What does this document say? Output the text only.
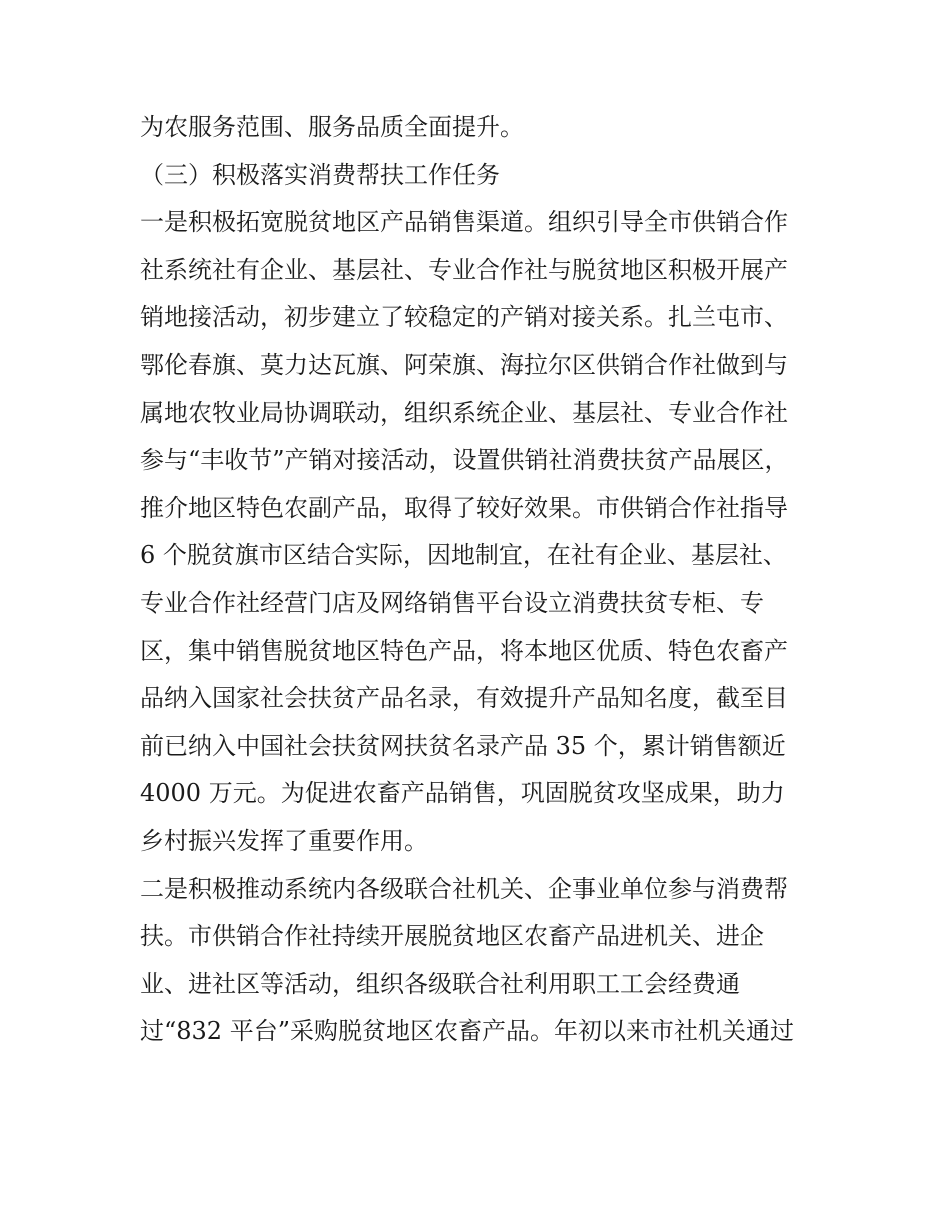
为农服务范围、服务品质全面提升。
（三）积极落实消费帮扶工作任务
一是积极拓宽脱贫地区产品销售渠道。组织引导全市供销合作
社系统社有企业、基层社、专业合作社与脱贫地区积极开展产
销地接活动，初步建立了较稳定的产销对接关系。扎兰屯市、
鄂伦春旗、莫力达瓦旗、阿荣旗、海拉尔区供销合作社做到与
属地农牧业局协调联动，组织系统企业、基层社、专业合作社
参与“丰收节”产销对接活动，设置供销社消费扶贫产品展区，
推介地区特色农副产品，取得了较好效果。市供销合作社指导
6 个脱贫旗市区结合实际，因地制宜，在社有企业、基层社、
专业合作社经营门店及网络销售平台设立消费扶贫专柜、专
区，集中销售脱贫地区特色产品，将本地区优质、特色农畜产
品纳入国家社会扶贫产品名录，有效提升产品知名度，截至目
前已纳入中国社会扶贫网扶贫名录产品 35 个，累计销售额近
4000 万元。为促进农畜产品销售，巩固脱贫攻坚成果，助力
乡村振兴发挥了重要作用。
二是积极推动系统内各级联合社机关、企事业单位参与消费帮
扶。市供销合作社持续开展脱贫地区农畜产品进机关、进企
业、进社区等活动，组织各级联合社利用职工工会经费通
过“832 平台”采购脱贫地区农畜产品。年初以来市社机关通过
